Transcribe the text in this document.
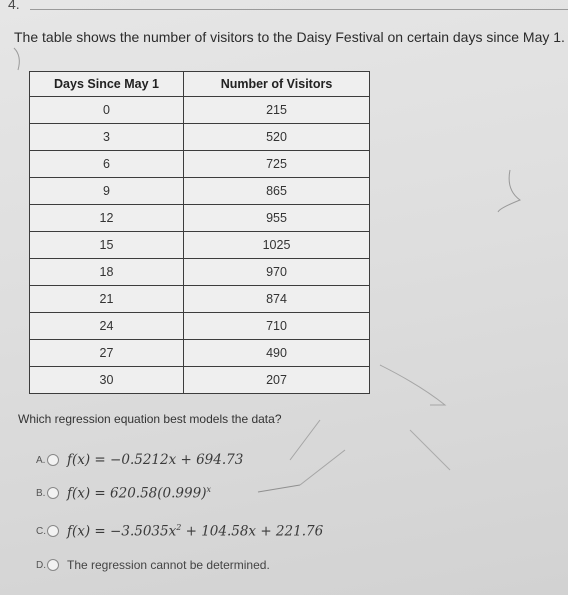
4.
The table shows the number of visitors to the Daisy Festival on certain days since May 1.
Days Since May 1	Number of Visitors
0	215
3	520
6	725
9	865
12	955
15	1025
18	970
21	874
24	710
27	490
30	207
Which regression equation best models the data?
A. f(x) = −0.5212x + 694.73
B. $f(x) = 620.58(0.999)^x$
C. $f(x) = -3.5035x^2 + 104.58x + 221.76$
D. The regression cannot be determined.
